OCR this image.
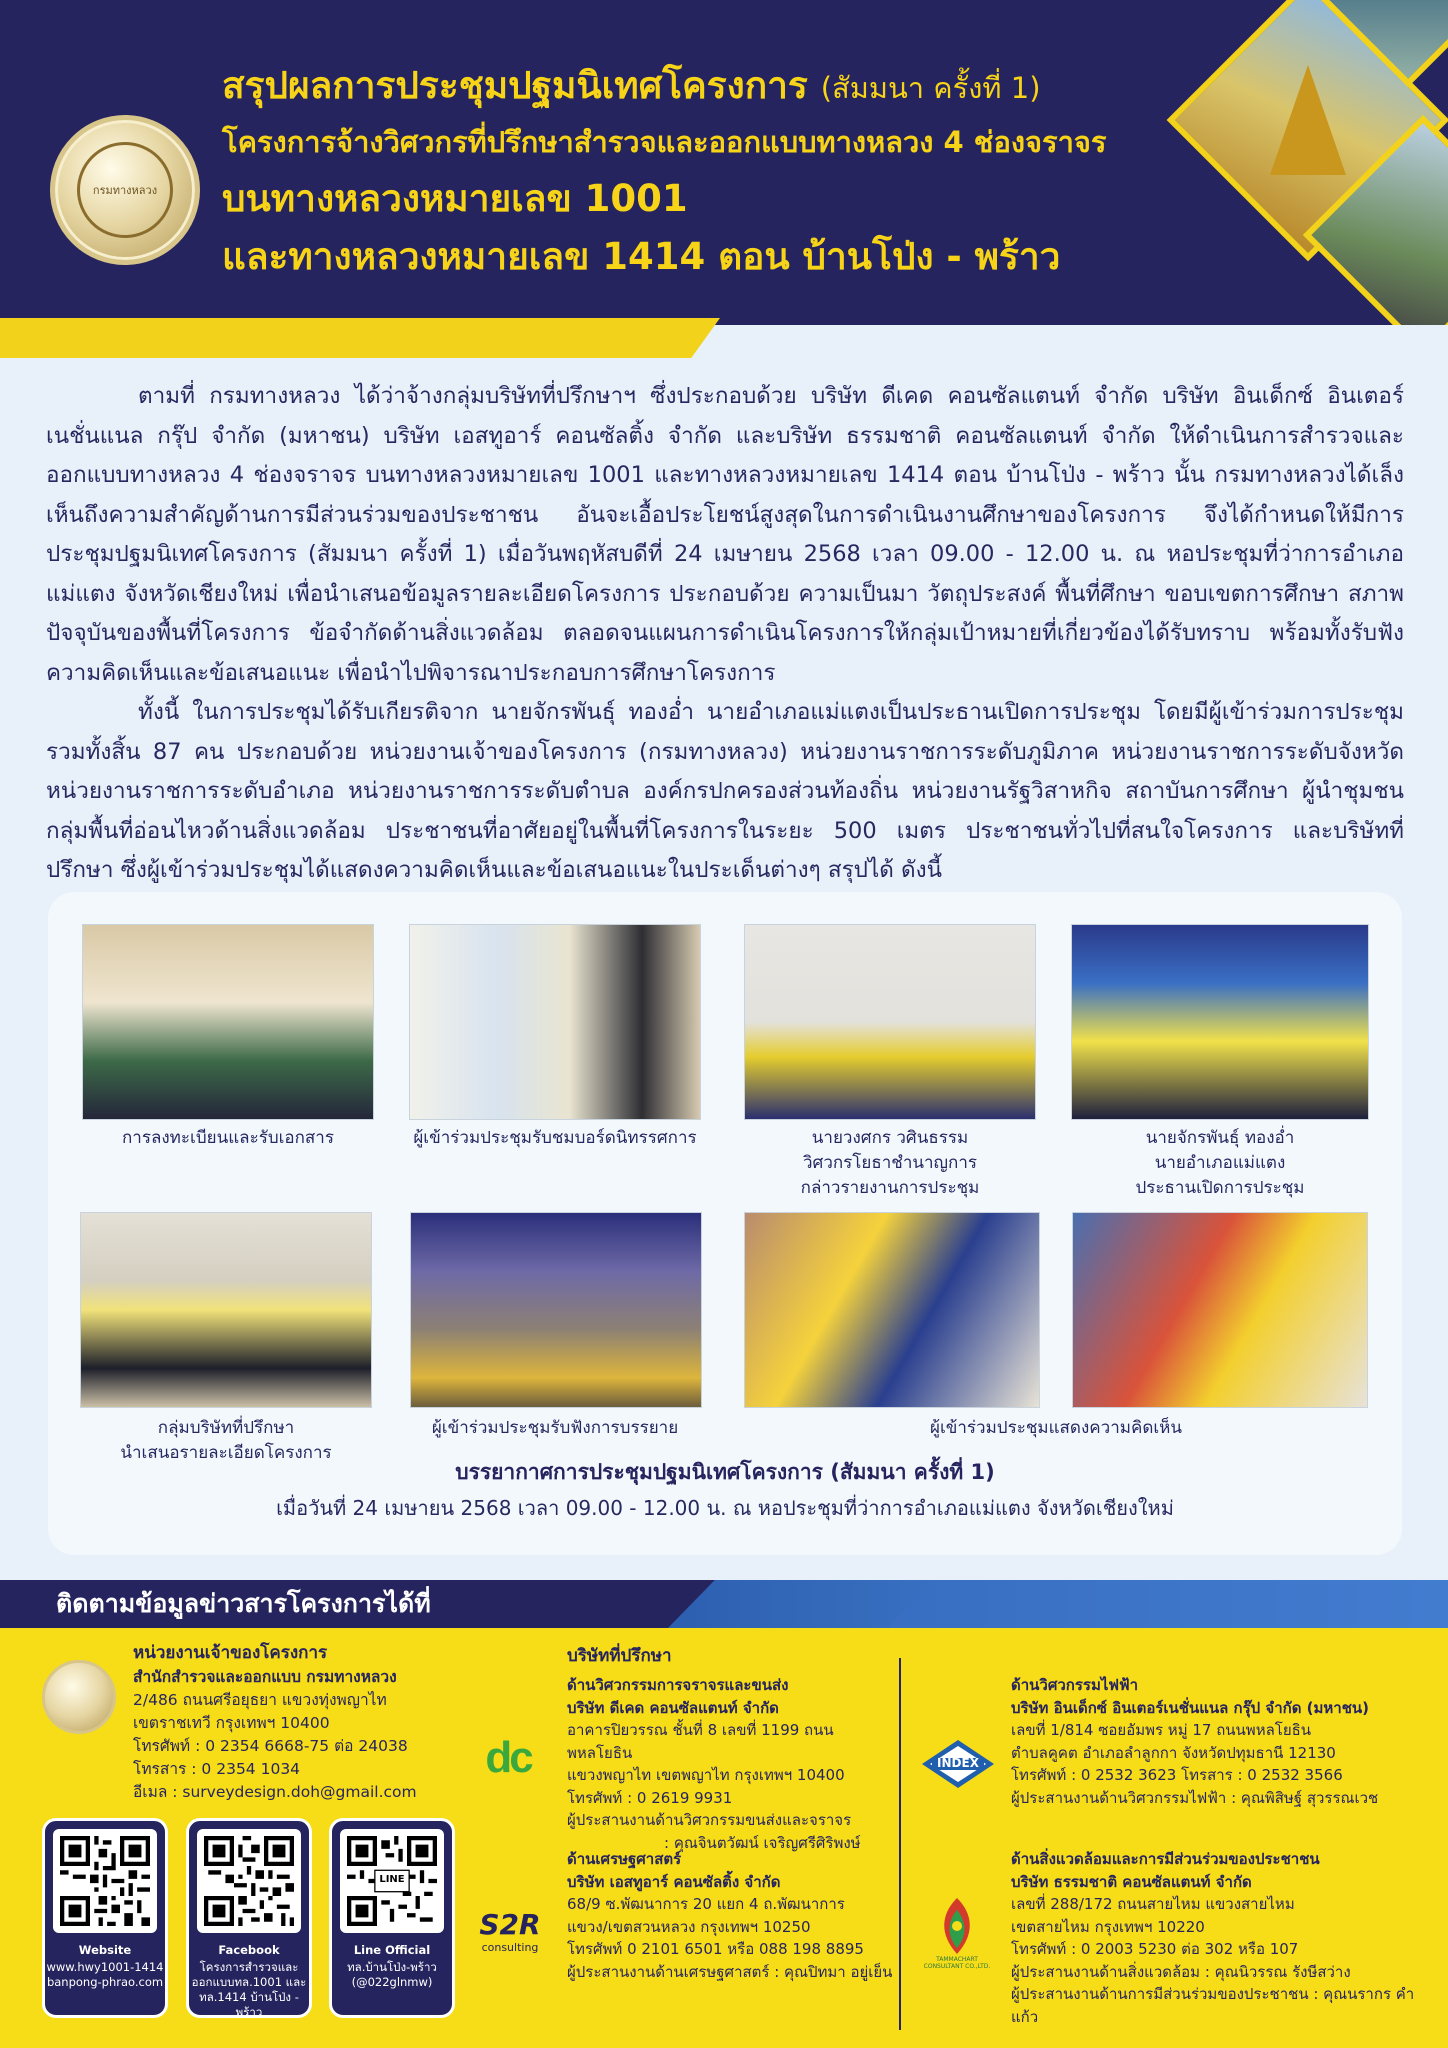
กรมทางหลวง
สรุปผลการประชุมปฐมนิเทศโครงการ (สัมมนา ครั้งที่ 1)
โครงการจ้างวิศวกรที่ปรึกษาสำรวจและออกแบบทางหลวง 4 ช่องจราจร
บนทางหลวงหมายเลข 1001
และทางหลวงหมายเลข 1414 ตอน บ้านโป่ง - พร้าว

ตามที่ กรมทางหลวง ได้ว่าจ้างกลุ่มบริษัทที่ปรึกษาฯ ซึ่งประกอบด้วย บริษัท ดีเคด คอนซัลแตนท์ จำกัด บริษัท อินเด็กซ์ อินเตอร์เนชั่นแนล กรุ๊ป จำกัด (มหาชน) บริษัท เอสทูอาร์ คอนซัลติ้ง จำกัด และบริษัท ธรรมชาติ คอนซัลแตนท์ จำกัด ให้ดำเนินการสำรวจและออกแบบทางหลวง 4 ช่องจราจร บนทางหลวงหมายเลข 1001 และทางหลวงหมายเลข 1414 ตอน บ้านโป่ง - พร้าว นั้น กรมทางหลวงได้เล็งเห็นถึงความสำคัญด้านการมีส่วนร่วมของประชาชน อันจะเอื้อประโยชน์สูงสุดในการดำเนินงานศึกษาของโครงการ จึงได้กำหนดให้มีการประชุมปฐมนิเทศโครงการ (สัมมนา ครั้งที่ 1) เมื่อวันพฤหัสบดีที่ 24 เมษายน 2568 เวลา 09.00 - 12.00 น. ณ หอประชุมที่ว่าการอำเภอแม่แตง จังหวัดเชียงใหม่ เพื่อนำเสนอข้อมูลรายละเอียดโครงการ ประกอบด้วย ความเป็นมา วัตถุประสงค์ พื้นที่ศึกษา ขอบเขตการศึกษา สภาพปัจจุบันของพื้นที่โครงการ ข้อจำกัดด้านสิ่งแวดล้อม ตลอดจนแผนการดำเนินโครงการให้กลุ่มเป้าหมายที่เกี่ยวข้องได้รับทราบ พร้อมทั้งรับฟังความคิดเห็นและข้อเสนอแนะ เพื่อนำไปพิจารณาประกอบการศึกษาโครงการ

ทั้งนี้ ในการประชุมได้รับเกียรติจาก นายจักรพันธุ์ ทองอ่ำ นายอำเภอแม่แตงเป็นประธานเปิดการประชุม โดยมีผู้เข้าร่วมการประชุมรวมทั้งสิ้น 87 คน ประกอบด้วย หน่วยงานเจ้าของโครงการ (กรมทางหลวง) หน่วยงานราชการระดับภูมิภาค หน่วยงานราชการระดับจังหวัด หน่วยงานราชการระดับอำเภอ หน่วยงานราชการระดับตำบล องค์กรปกครองส่วนท้องถิ่น หน่วยงานรัฐวิสาหกิจ สถาบันการศึกษา ผู้นำชุมชน กลุ่มพื้นที่อ่อนไหวด้านสิ่งแวดล้อม ประชาชนที่อาศัยอยู่ในพื้นที่โครงการในระยะ 500 เมตร ประชาชนทั่วไปที่สนใจโครงการ และบริษัทที่ปรึกษา ซึ่งผู้เข้าร่วมประชุมได้แสดงความคิดเห็นและข้อเสนอแนะในประเด็นต่างๆ สรุปได้ ดังนี้

การลงทะเบียนและรับเอกสาร	ผู้เข้าร่วมประชุมรับชมบอร์ดนิทรรศการ	นายวงศกร วศินธรรม
วิศวกรโยธาชำนาญการ
กล่าวรายงานการประชุม
นายจักรพันธุ์ ทองอ่ำ
นายอำเภอแม่แตง
ประธานเปิดการประชุม
กลุ่มบริษัทที่ปรึกษา
นำเสนอรายละเอียดโครงการ
ผู้เข้าร่วมประชุมรับฟังการบรรยาย	ผู้เข้าร่วมประชุมแสดงความคิดเห็น
บรรยากาศการประชุมปฐมนิเทศโครงการ (สัมมนา ครั้งที่ 1)
เมื่อวันที่ 24 เมษายน 2568 เวลา 09.00 - 12.00 น. ณ หอประชุมที่ว่าการอำเภอแม่แตง จังหวัดเชียงใหม่
ติดตามข้อมูลข่าวสารโครงการได้ที่
หน่วยงานเจ้าของโครงการ
สำนักสำรวจและออกแบบ กรมทางหลวง
2/486 ถนนศรีอยุธยา แขวงทุ่งพญาไท
เขตราชเทวี กรุงเทพฯ 10400
โทรศัพท์ : 0 2354 6668-75 ต่อ 24038
โทรสาร : 0 2354 1034
อีเมล : surveydesign.doh@gmail.com
Website
www.hwy1001-1414
banpong-phrao.com
Facebook
โครงการสำรวจและ
ออกแบบทล.1001 และ
ทล.1414 บ้านโป่ง - พร้าว
LINE
Line Official
ทล.บ้านโป่ง-พร้าว
(@022glnmw)
บริษัทที่ปรึกษา
dc
ด้านวิศวกรรมการจราจรและขนส่ง
บริษัท ดีเคด คอนซัลแตนท์ จำกัด
อาคารปิยวรรณ ชั้นที่ 8 เลขที่ 1199 ถนนพหลโยธิน
แขวงพญาไท เขตพญาไท กรุงเทพฯ 10400
โทรศัพท์ : 0 2619 9931
ผู้ประสานงานด้านวิศวกรรมขนส่งและจราจร
: คุณจินตวัฒน์ เจริญศรีศิริพงษ์
S2R
consulting
ด้านเศรษฐศาสตร์
บริษัท เอสทูอาร์ คอนซัลติ้ง จำกัด
68/9 ซ.พัฒนาการ 20 แยก 4 ถ.พัฒนาการ
แขวง/เขตสวนหลวง กรุงเทพฯ 10250
โทรศัพท์ 0 2101 6501 หรือ 088 198 8895
ผู้ประสานงานด้านเศรษฐศาสตร์ : คุณปิทมา อยู่เย็น
INDEX
ด้านวิศวกรรมไฟฟ้า
บริษัท อินเด็กซ์ อินเตอร์เนชั่นแนล กรุ๊ป จำกัด (มหาชน)
เลขที่ 1/814 ซอยอัมพร หมู่ 17 ถนนพหลโยธิน
ตำบลคูคต อำเภอลำลูกกา จังหวัดปทุมธานี 12130
โทรศัพท์ : 0 2532 3623 โทรสาร : 0 2532 3566
ผู้ประสานงานด้านวิศวกรรมไฟฟ้า : คุณพิสิษฐ์ สุวรรณเวช
TAMMACHART CONSULTANT CO.,LTD.
ด้านสิ่งแวดล้อมและการมีส่วนร่วมของประชาชน
บริษัท ธรรมชาติ คอนซัลแตนท์ จำกัด
เลขที่ 288/172 ถนนสายไหม แขวงสายไหม
เขตสายไหม กรุงเทพฯ 10220
โทรศัพท์ : 0 2003 5230 ต่อ 302 หรือ 107
ผู้ประสานงานด้านสิ่งแวดล้อม : คุณนิวรรณ รังษีสว่าง
ผู้ประสานงานด้านการมีส่วนร่วมของประชาชน : คุณนรากร คำแก้ว
